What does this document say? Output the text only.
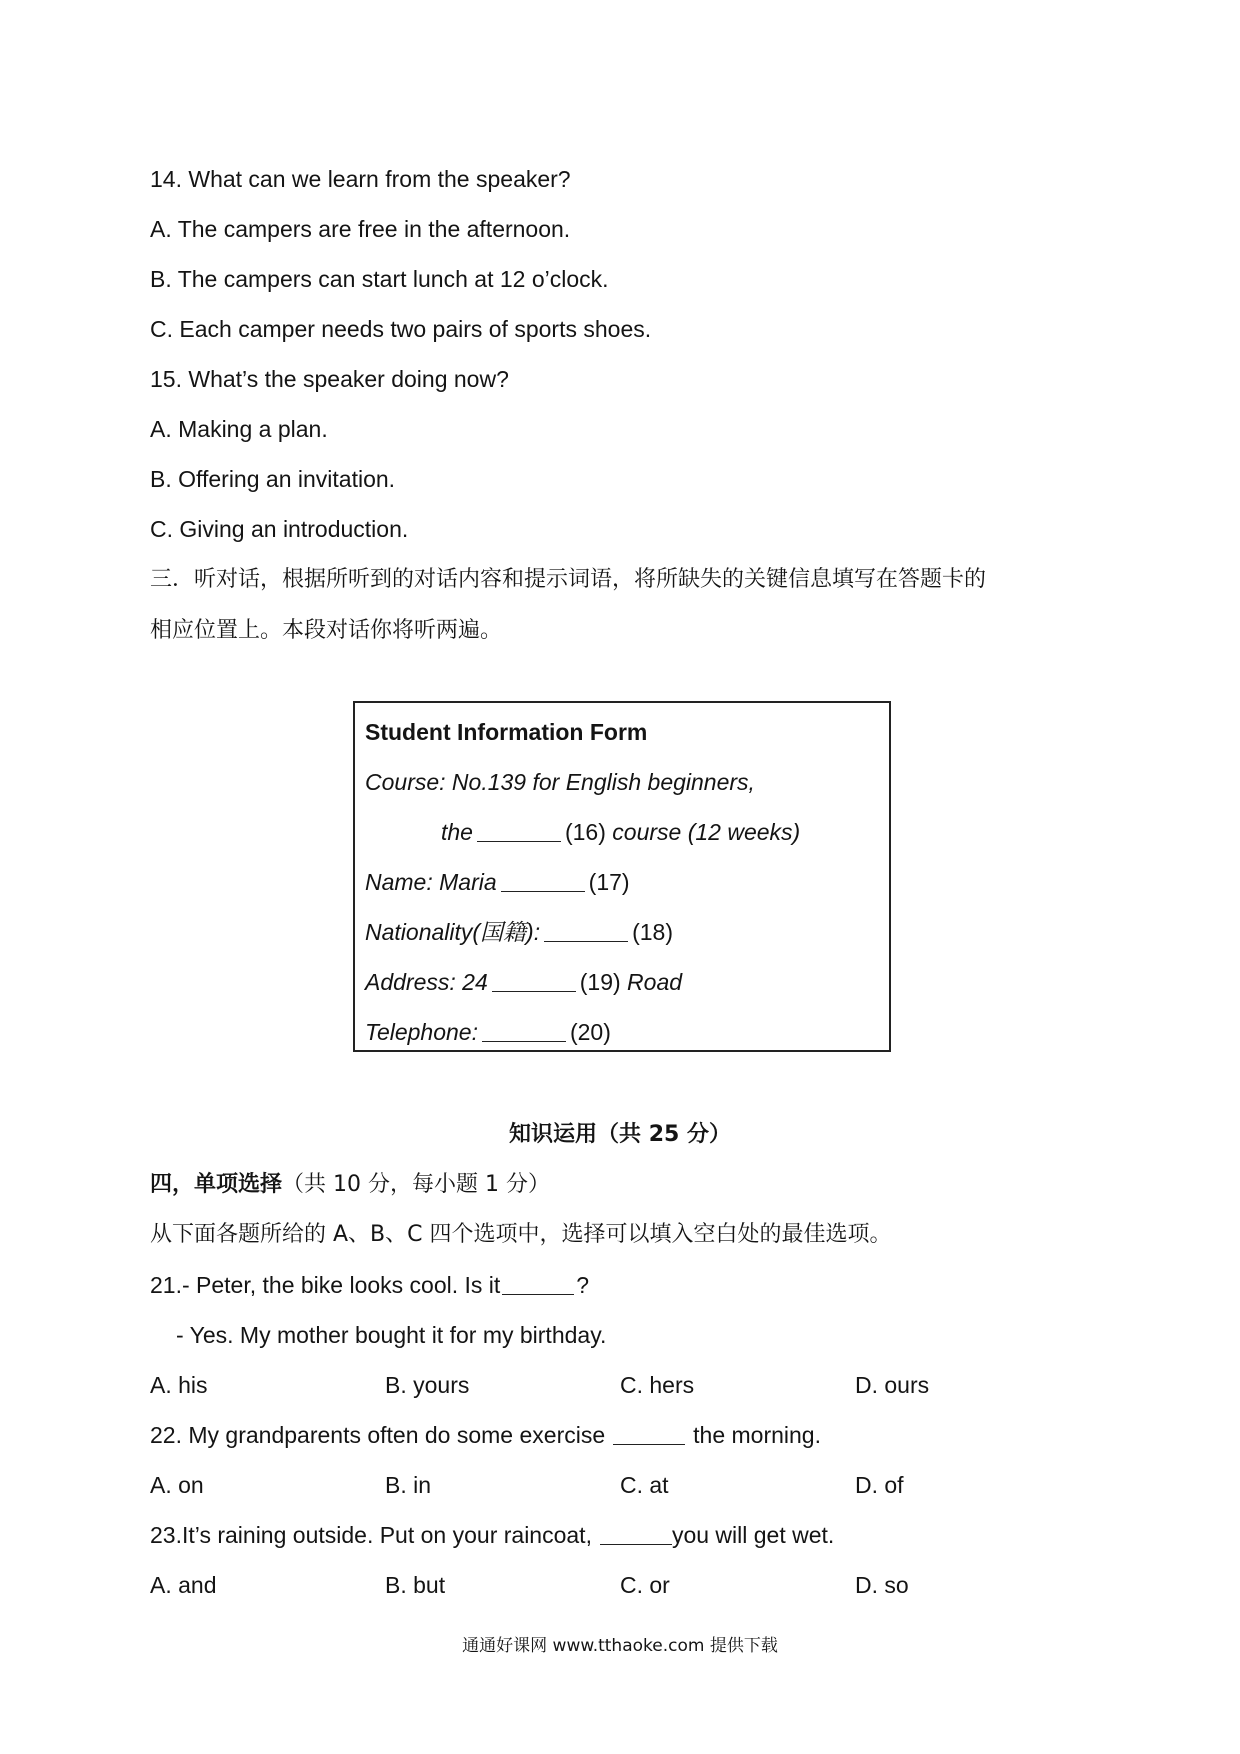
14. What can we learn from the speaker?
A. The campers are free in the afternoon.
B. The campers can start lunch at 12 o’clock.
C. Each camper needs two pairs of sports shoes.
15. What’s the speaker doing now?
A. Making a plan.
B. Offering an invitation.
C. Giving an introduction.
三．听对话，根据所听到的对话内容和提示词语，将所缺失的关键信息填写在答题卡的
相应位置上。本段对话你将听两遍。
Student Information Form
Course: No.139 for English beginners,
the	(16) course (12 weeks)
Name: Maria	(17)
Nationality(国籍):	(18)
Address: 24	(19) Road
Telephone:	(20)
知识运用（共 25 分）
四，单项选择（共 10 分，每小题 1 分）
从下面各题所给的 A、B、C 四个选项中，选择可以填入空白处的最佳选项。
21.- Peter, the bike looks cool. Is it	?
- Yes. My mother bought it for my birthday.
A. his	B. yours	C. hers	D. ours
22. My grandparents often do some exercise	the morning.
A. on	B. in	C. at	D. of
23.It’s raining outside. Put on your raincoat,	you will get wet.
A. and	B. but	C. or	D. so
通通好课网 www.tthaoke.com 提供下载
